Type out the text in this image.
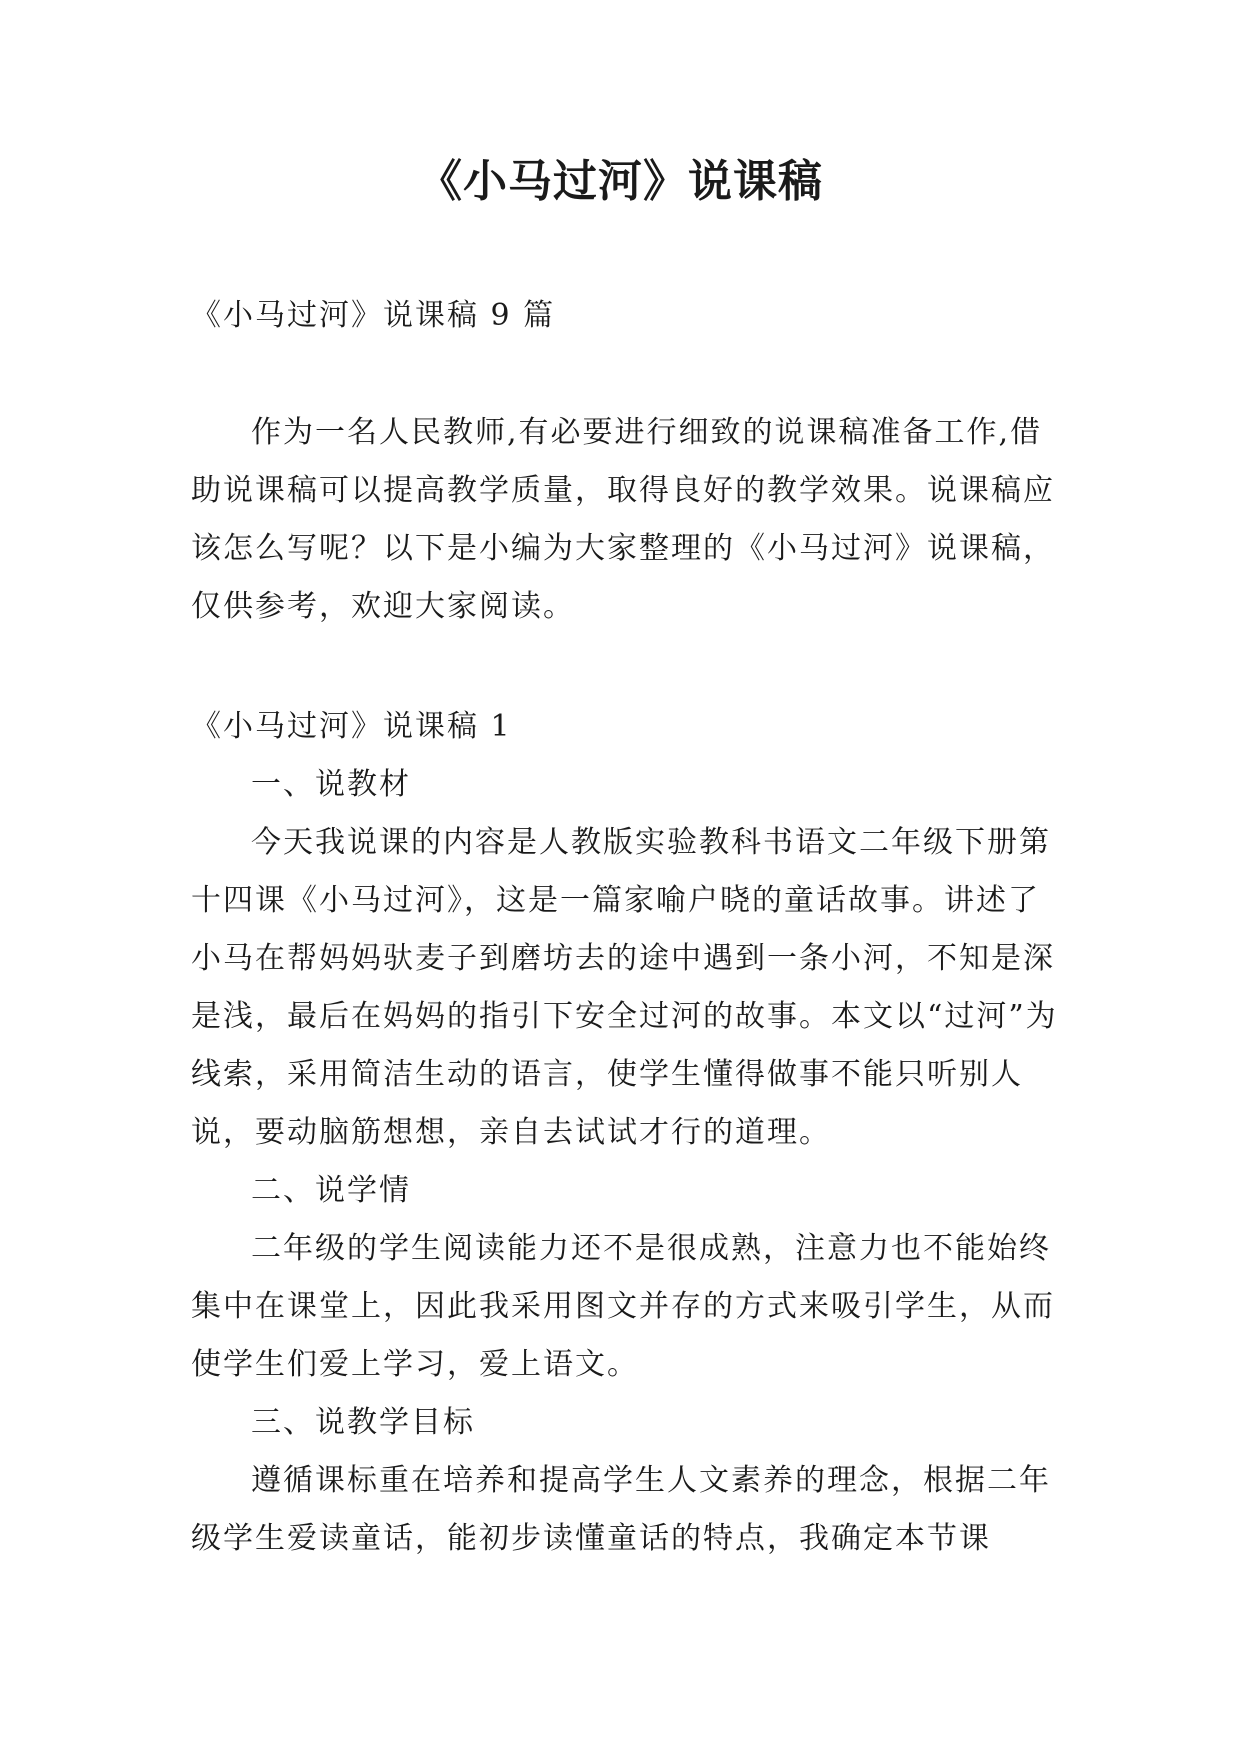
《小马过河》说课稿

《小马过河》说课稿 9 篇

作为一名人民教师,有必要进行细致的说课稿准备工作,借助说课稿可以提高教学质量，取得良好的教学效果。说课稿应该怎么写呢？以下是小编为大家整理的《小马过河》说课稿，仅供参考，欢迎大家阅读。

《小马过河》说课稿 1

一、说教材

今天我说课的内容是人教版实验教科书语文二年级下册第十四课《小马过河》，这是一篇家喻户晓的童话故事。讲述了小马在帮妈妈驮麦子到磨坊去的途中遇到一条小河，不知是深是浅，最后在妈妈的指引下安全过河的故事。本文以“过河”为线索，采用简洁生动的语言，使学生懂得做事不能只听别人说，要动脑筋想想，亲自去试试才行的道理。

二、说学情

二年级的学生阅读能力还不是很成熟，注意力也不能始终集中在课堂上，因此我采用图文并存的方式来吸引学生，从而使学生们爱上学习，爱上语文。

三、说教学目标

遵循课标重在培养和提高学生人文素养的理念，根据二年级学生爱读童话，能初步读懂童话的特点，我确定本节课
